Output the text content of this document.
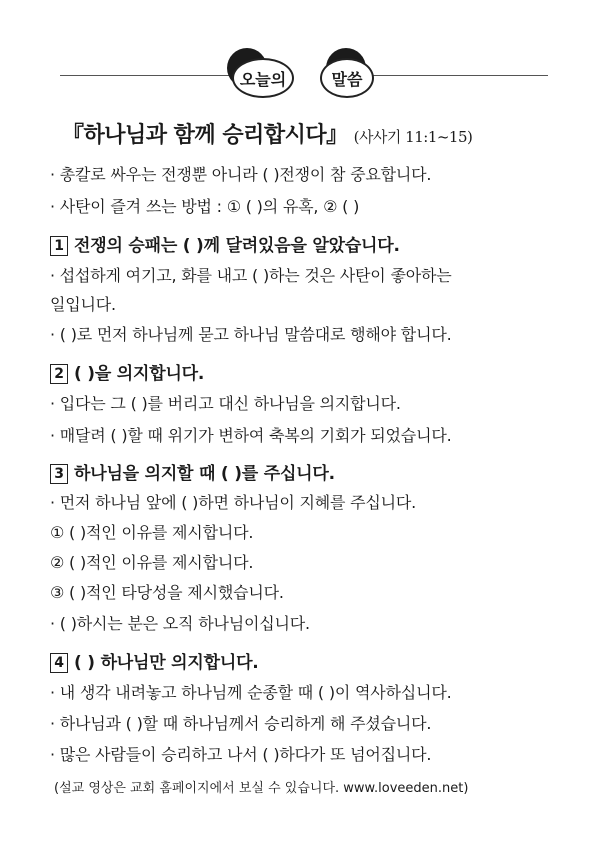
오늘의	말씀
『하나님과 함께 승리합시다』 (사사기 11:1~15)
· 총칼로 싸우는 전쟁뿐 아니라 ( )전쟁이 참 중요합니다.
· 사탄이 즐겨 쓰는 방법 : ① ( )의 유혹, ② ( )
1 전쟁의 승패는 ( )께 달려있음을 알았습니다.
· 섭섭하게 여기고, 화를 내고 ( )하는 것은 사탄이 좋아하는
일입니다.
· ( )로 먼저 하나님께 묻고 하나님 말씀대로 행해야 합니다.
2 ( )을 의지합니다.
· 입다는 그 ( )를 버리고 대신 하나님을 의지합니다.
· 매달려 ( )할 때 위기가 변하여 축복의 기회가 되었습니다.
3 하나님을 의지할 때 ( )를 주십니다.
· 먼저 하나님 앞에 ( )하면 하나님이 지혜를 주십니다.
① ( )적인 이유를 제시합니다.
② ( )적인 이유를 제시합니다.
③ ( )적인 타당성을 제시했습니다.
· ( )하시는 분은 오직 하나님이십니다.
4 ( ) 하나님만 의지합니다.
· 내 생각 내려놓고 하나님께 순종할 때 ( )이 역사하십니다.
· 하나님과 ( )할 때 하나님께서 승리하게 해 주셨습니다.
· 많은 사람들이 승리하고 나서 ( )하다가 또 넘어집니다.
(설교 영상은 교회 홈페이지에서 보실 수 있습니다. www.loveeden.net)
